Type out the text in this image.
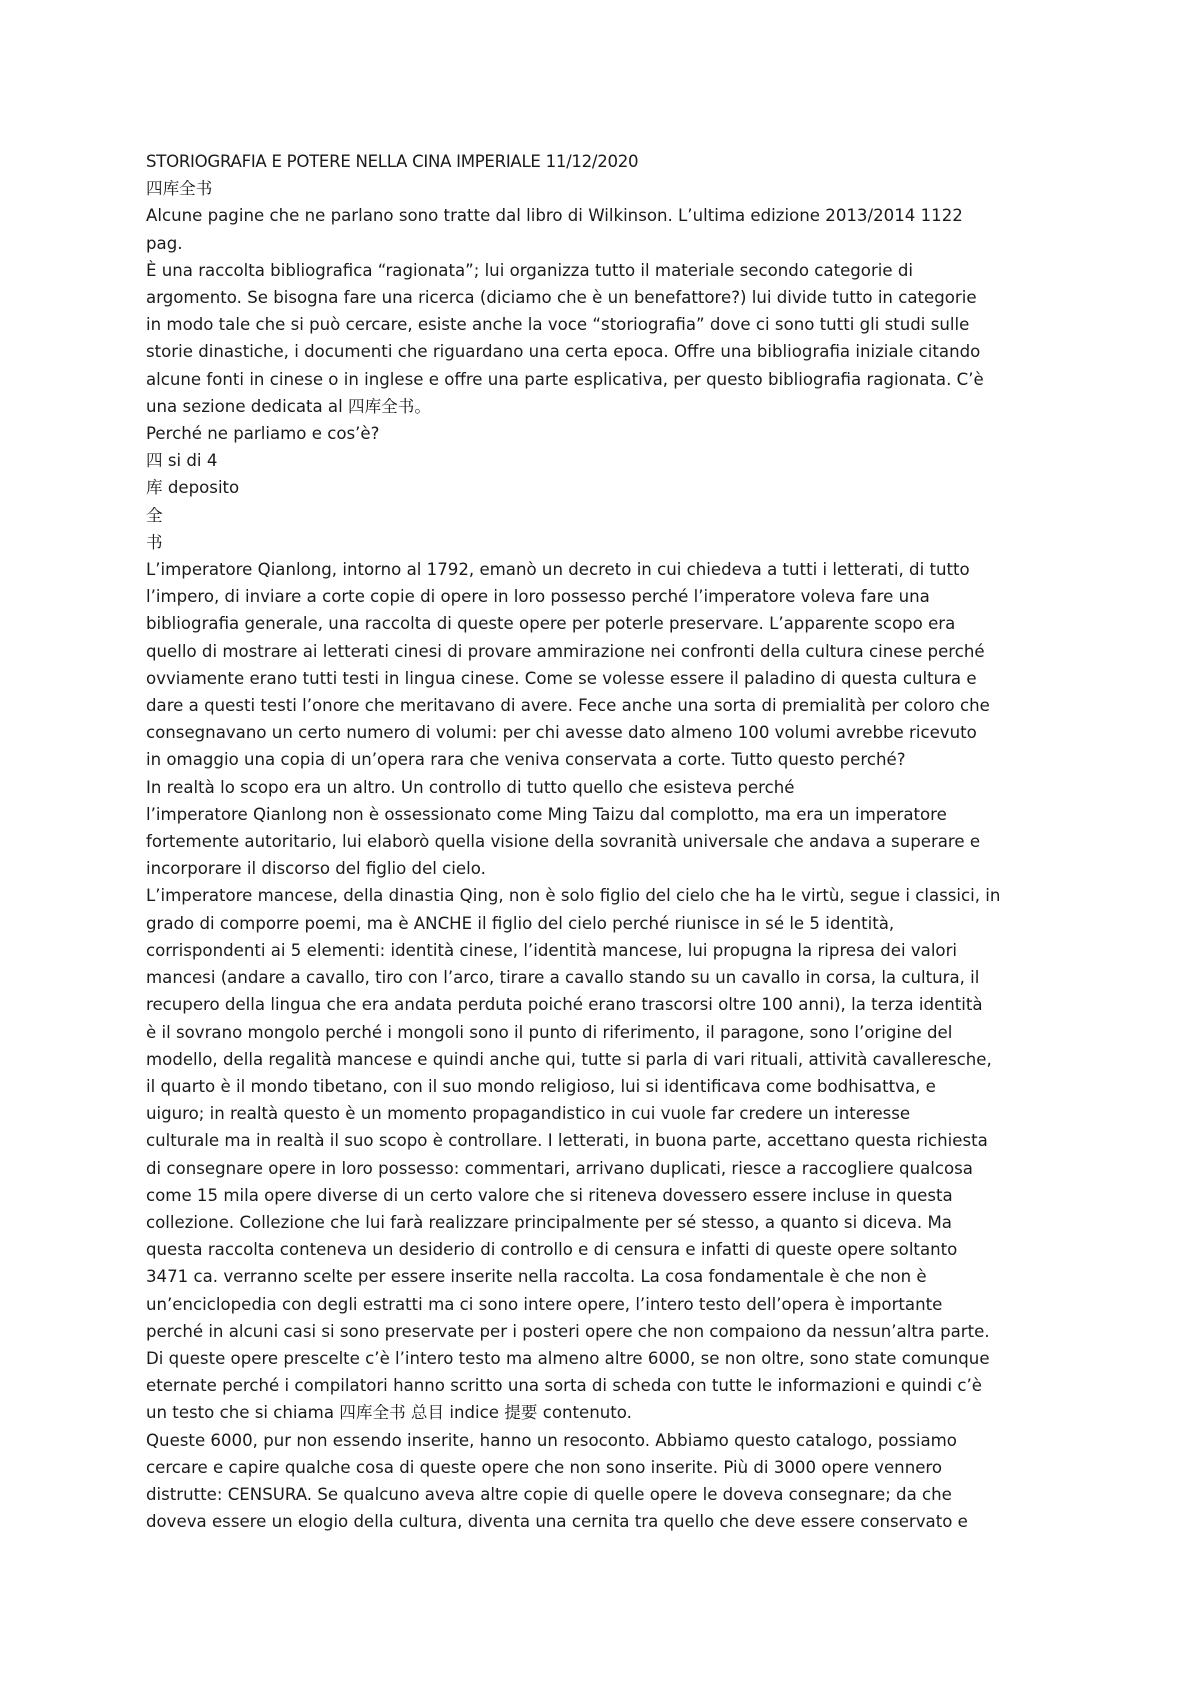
STORIOGRAFIA E POTERE NELLA CINA IMPERIALE 11/12/2020
四库全书
Alcune pagine che ne parlano sono tratte dal libro di Wilkinson. L’ultima edizione 2013/2014 1122
pag.
È una raccolta bibliografica “ragionata”; lui organizza tutto il materiale secondo categorie di
argomento. Se bisogna fare una ricerca (diciamo che è un benefattore?) lui divide tutto in categorie
in modo tale che si può cercare, esiste anche la voce “storiografia” dove ci sono tutti gli studi sulle
storie dinastiche, i documenti che riguardano una certa epoca. Offre una bibliografia iniziale citando
alcune fonti in cinese o in inglese e offre una parte esplicativa, per questo bibliografia ragionata. C’è
una sezione dedicata al 四库全书。
Perché ne parliamo e cos’è?
四 si di 4
库 deposito
全
书
L’imperatore Qianlong, intorno al 1792, emanò un decreto in cui chiedeva a tutti i letterati, di tutto
l’impero, di inviare a corte copie di opere in loro possesso perché l’imperatore voleva fare una
bibliografia generale, una raccolta di queste opere per poterle preservare. L’apparente scopo era
quello di mostrare ai letterati cinesi di provare ammirazione nei confronti della cultura cinese perché
ovviamente erano tutti testi in lingua cinese. Come se volesse essere il paladino di questa cultura e
dare a questi testi l’onore che meritavano di avere. Fece anche una sorta di premialità per coloro che
consegnavano un certo numero di volumi: per chi avesse dato almeno 100 volumi avrebbe ricevuto
in omaggio una copia di un’opera rara che veniva conservata a corte. Tutto questo perché?
In realtà lo scopo era un altro. Un controllo di tutto quello che esisteva perché
l’imperatore Qianlong non è ossessionato come Ming Taizu dal complotto, ma era un imperatore
fortemente autoritario, lui elaborò quella visione della sovranità universale che andava a superare e
incorporare il discorso del figlio del cielo.
L’imperatore mancese, della dinastia Qing, non è solo figlio del cielo che ha le virtù, segue i classici, in
grado di comporre poemi, ma è ANCHE il figlio del cielo perché riunisce in sé le 5 identità,
corrispondenti ai 5 elementi: identità cinese, l’identità mancese, lui propugna la ripresa dei valori
mancesi (andare a cavallo, tiro con l’arco, tirare a cavallo stando su un cavallo in corsa, la cultura, il
recupero della lingua che era andata perduta poiché erano trascorsi oltre 100 anni), la terza identità
è il sovrano mongolo perché i mongoli sono il punto di riferimento, il paragone, sono l’origine del
modello, della regalità mancese e quindi anche qui, tutte si parla di vari rituali, attività cavalleresche,
il quarto è il mondo tibetano, con il suo mondo religioso, lui si identificava come bodhisattva, e
uiguro; in realtà questo è un momento propagandistico in cui vuole far credere un interesse
culturale ma in realtà il suo scopo è controllare. I letterati, in buona parte, accettano questa richiesta
di consegnare opere in loro possesso: commentari, arrivano duplicati, riesce a raccogliere qualcosa
come 15 mila opere diverse di un certo valore che si riteneva dovessero essere incluse in questa
collezione. Collezione che lui farà realizzare principalmente per sé stesso, a quanto si diceva. Ma
questa raccolta conteneva un desiderio di controllo e di censura e infatti di queste opere soltanto
3471 ca. verranno scelte per essere inserite nella raccolta. La cosa fondamentale è che non è
un’enciclopedia con degli estratti ma ci sono intere opere, l’intero testo dell’opera è importante
perché in alcuni casi si sono preservate per i posteri opere che non compaiono da nessun’altra parte.
Di queste opere prescelte c’è l’intero testo ma almeno altre 6000, se non oltre, sono state comunque
eternate perché i compilatori hanno scritto una sorta di scheda con tutte le informazioni e quindi c’è
un testo che si chiama 四库全书 总目 indice 提要 contenuto.
Queste 6000, pur non essendo inserite, hanno un resoconto. Abbiamo questo catalogo, possiamo
cercare e capire qualche cosa di queste opere che non sono inserite. Più di 3000 opere vennero
distrutte: CENSURA. Se qualcuno aveva altre copie di quelle opere le doveva consegnare; da che
doveva essere un elogio della cultura, diventa una cernita tra quello che deve essere conservato e
